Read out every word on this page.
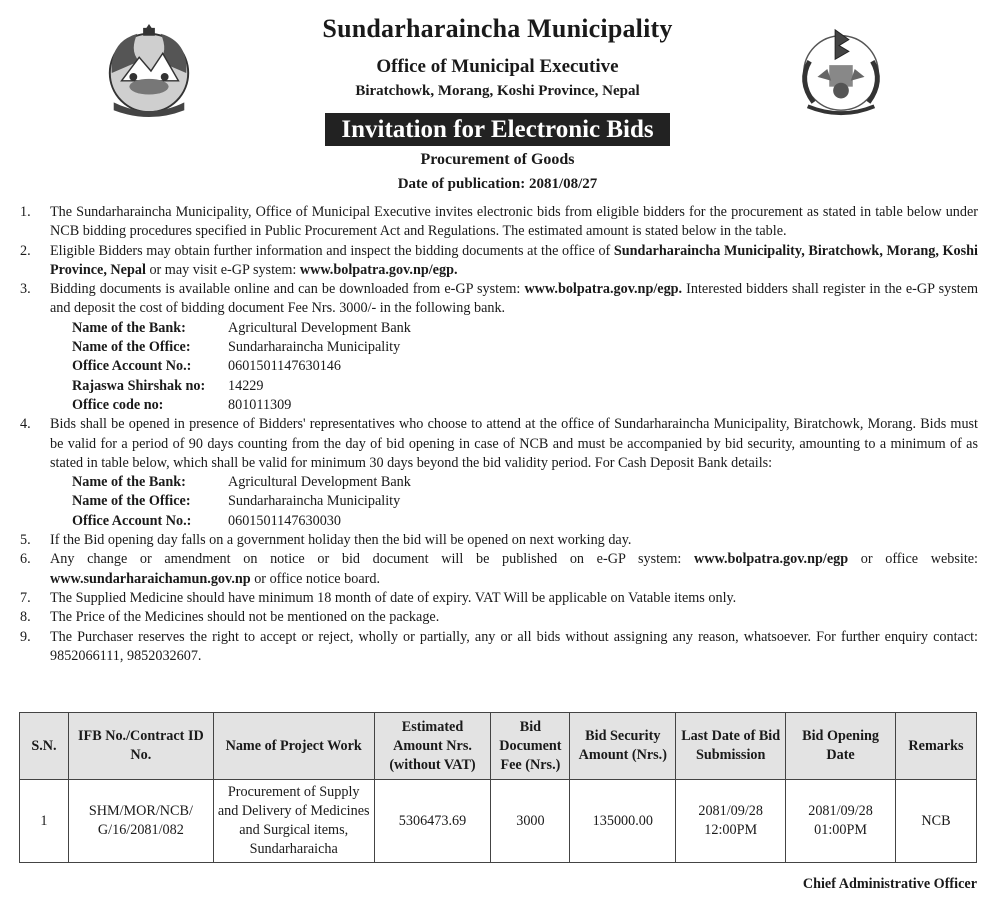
Sundarharaincha Municipality
Office of Municipal Executive
Biratchowk, Morang, Koshi Province, Nepal
Invitation for Electronic Bids
Procurement of Goods
Date of publication: 2081/08/27
1.	The Sundarharaincha Municipality, Office of Municipal Executive invites electronic bids from eligible bidders for the procurement as stated in table below under NCB bidding procedures specified in Public Procurement Act and Regulations. The estimated amount is stated below in the table.
2.	Eligible Bidders may obtain further information and inspect the bidding documents at the office of Sundarharaincha Municipality, Biratchowk, Morang, Koshi Province, Nepal or may visit e-GP system: www.bolpatra.gov.np/egp.
3.	Bidding documents is available online and can be downloaded from e-GP system: www.bolpatra.gov.np/egp. Interested bidders shall register in the e-GP system and deposit the cost of bidding document Fee Nrs. 3000/- in the following bank.
Name of the Bank:	Agricultural Development Bank
Name of the Office:	Sundarharaincha Municipality
Office Account No.:	0601501147630146
Rajaswa Shirshak no:	14229
Office code no:	801011309
4.	Bids shall be opened in presence of Bidders' representatives who choose to attend at the office of Sundarharaincha Municipality, Biratchowk, Morang. Bids must be valid for a period of 90 days counting from the day of bid opening in case of NCB and must be accompanied by bid security, amounting to a minimum of as stated in table below, which shall be valid for minimum 30 days beyond the bid validity period. For Cash Deposit Bank details:
Name of the Bank:	Agricultural Development Bank
Name of the Office:	Sundarharaincha Municipality
Office Account No.:	0601501147630030
5.	If the Bid opening day falls on a government holiday then the bid will be opened on next working day.
6.	Any change or amendment on notice or bid document will be published on e-GP system: www.bolpatra.gov.np/egp or office website: www.sundarharaichamun.gov.np or office notice board.
7.	The Supplied Medicine should have minimum 18 month of date of expiry. VAT Will be applicable on Vatable items only.
8.	The Price of the Medicines should not be mentioned on the package.
9.	The Purchaser reserves the right to accept or reject, wholly or partially, any or all bids without assigning any reason, whatsoever. For further enquiry contact: 9852066111, 9852032607.
S.N.	IFB No./Contract ID No.	Name of Project Work	Estimated Amount Nrs. (without VAT)	Bid Document Fee (Nrs.)	Bid Security Amount (Nrs.)	Last Date of Bid Submission	Bid Opening Date	Remarks
1	SHM/MOR/NCB/ G/16/2081/082	Procurement of Supply and Delivery of Medicines and Surgical items, Sundarharaicha	5306473.69	3000	135000.00	2081/09/28 12:00PM	2081/09/28 01:00PM	NCB
Chief Administrative Officer
